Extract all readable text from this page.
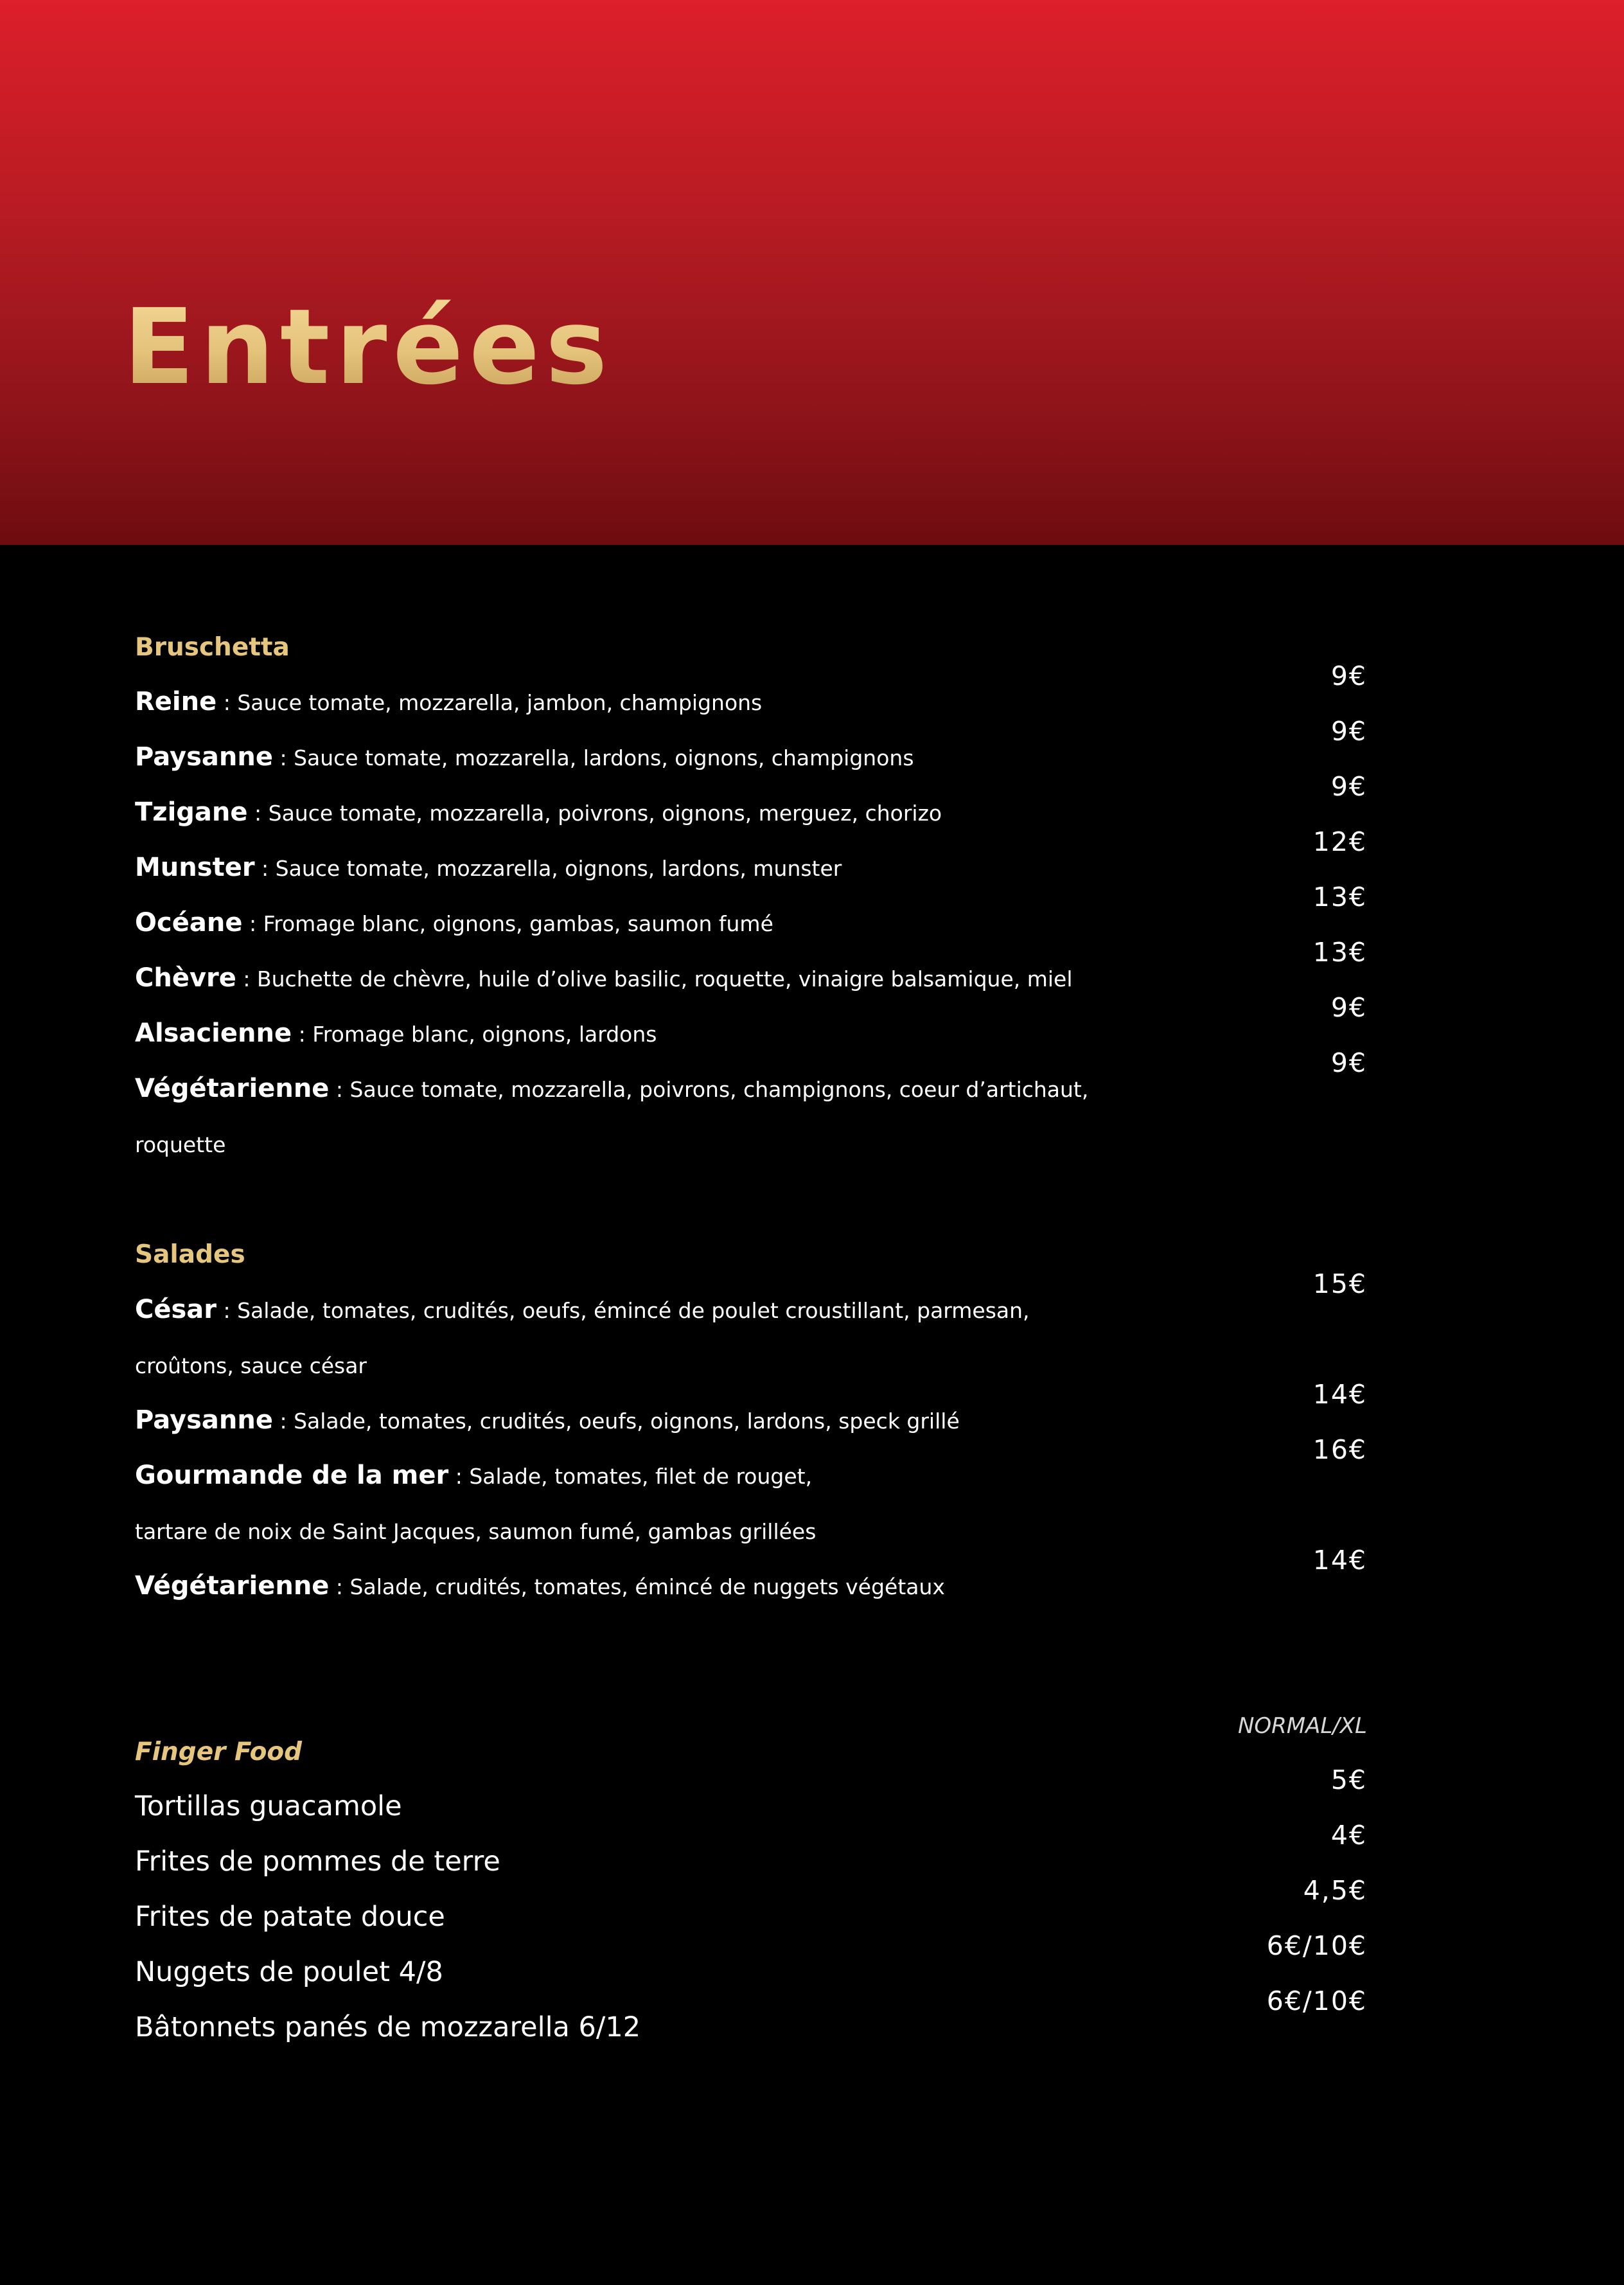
Entrées
Bruschetta
Reine : Sauce tomate, mozzarella, jambon, champignons
Paysanne : Sauce tomate, mozzarella, lardons, oignons, champignons
Tzigane : Sauce tomate, mozzarella, poivrons, oignons, merguez, chorizo
Munster : Sauce tomate, mozzarella, oignons, lardons, munster
Océane : Fromage blanc, oignons, gambas, saumon fumé
Chèvre : Buchette de chèvre, huile d’olive basilic, roquette, vinaigre balsamique, miel
Alsacienne : Fromage blanc, oignons, lardons
Végétarienne : Sauce tomate, mozzarella, poivrons, champignons, coeur d’artichaut,
roquette
9€
9€
9€
12€
13€
13€
9€
9€
Salades
César : Salade, tomates, crudités, oeufs, émincé de poulet croustillant, parmesan,
croûtons, sauce césar
Paysanne : Salade, tomates, crudités, oeufs, oignons, lardons, speck grillé
Gourmande de la mer : Salade, tomates, filet de rouget,
tartare de noix de Saint Jacques, saumon fumé, gambas grillées
Végétarienne : Salade, crudités, tomates, émincé de nuggets végétaux
15€
14€
16€
14€
NORMAL/XL
Finger Food
Tortillas guacamole
Frites de pommes de terre
Frites de patate douce
Nuggets de poulet 4/8
Bâtonnets panés de mozzarella 6/12
5€
4€
4,5€
6€/10€
6€/10€
